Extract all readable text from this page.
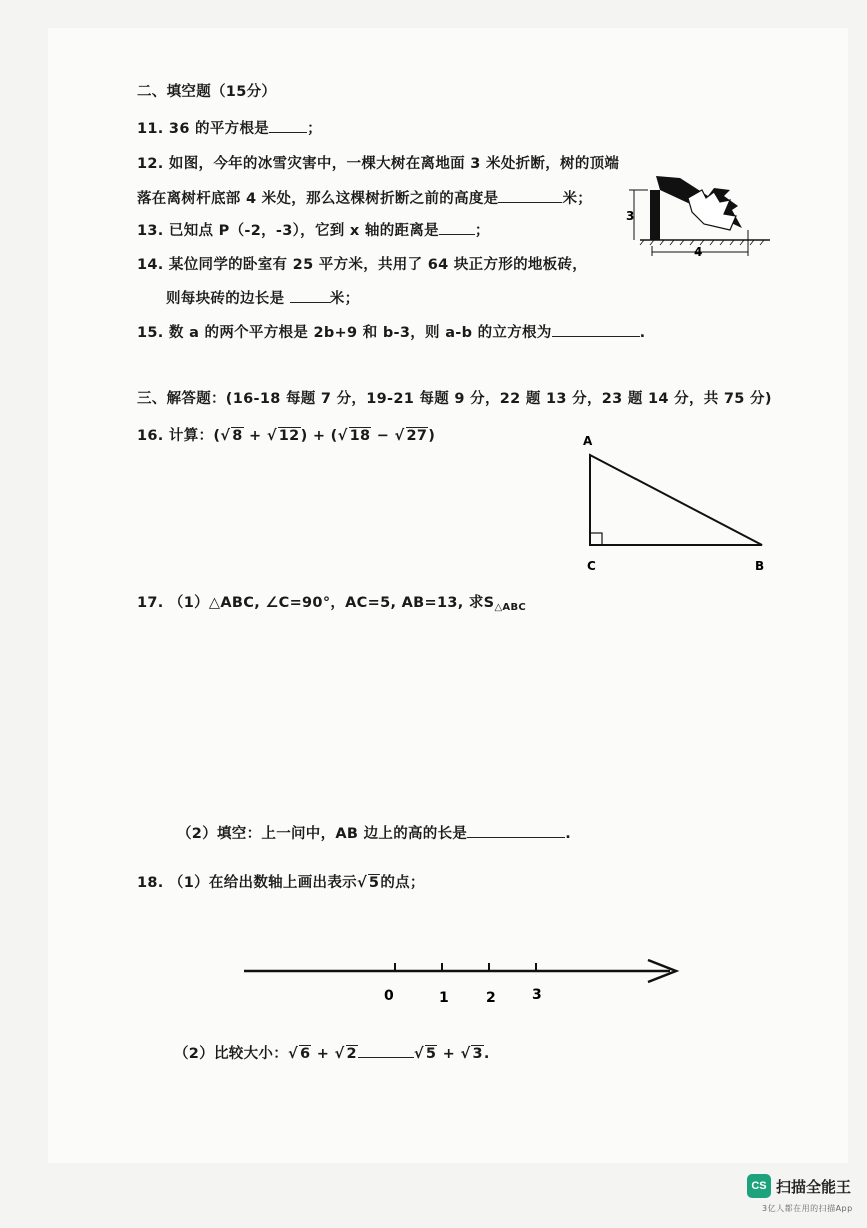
二、填空题（15分）
11. 36 的平方根是	；
12. 如图，今年的冰雪灾害中，一棵大树在离地面 3 米处折断，树的顶端
落在离树杆底部 4 米处，那么这棵树折断之前的高度是	米；
13. 已知点 P（-2，-3），它到 x 轴的距离是 ；
14. 某位同学的卧室有 25 平方米，共用了 64 块正方形的地板砖，
则每块砖的边长是	米；
15. 数 a 的两个平方根是 2b+9 和 b-3，则 a-b 的立方根为	.
3
4
三、解答题：(16-18 每题 7 分，19-21 每题 9 分，22 题 13 分，23 题 14 分，共 75 分)
16. 计算：(√ 8 + √ 12) + (√ 18 − √ 27)	A
B
C
17. （1）△ABC, ∠C=90°，AC=5, AB=13, 求$S_{\triangle ABC}$
（2）填空：上一问中，AB 边上的高的长是	.
18. （1）在给出数轴上画出表示√ 5的点；
0	1	2	3
（2）比较大小：√ 6 + √ 2	√ 5 + √ 3.
CS 扫描全能王
3亿人都在用的扫描App
